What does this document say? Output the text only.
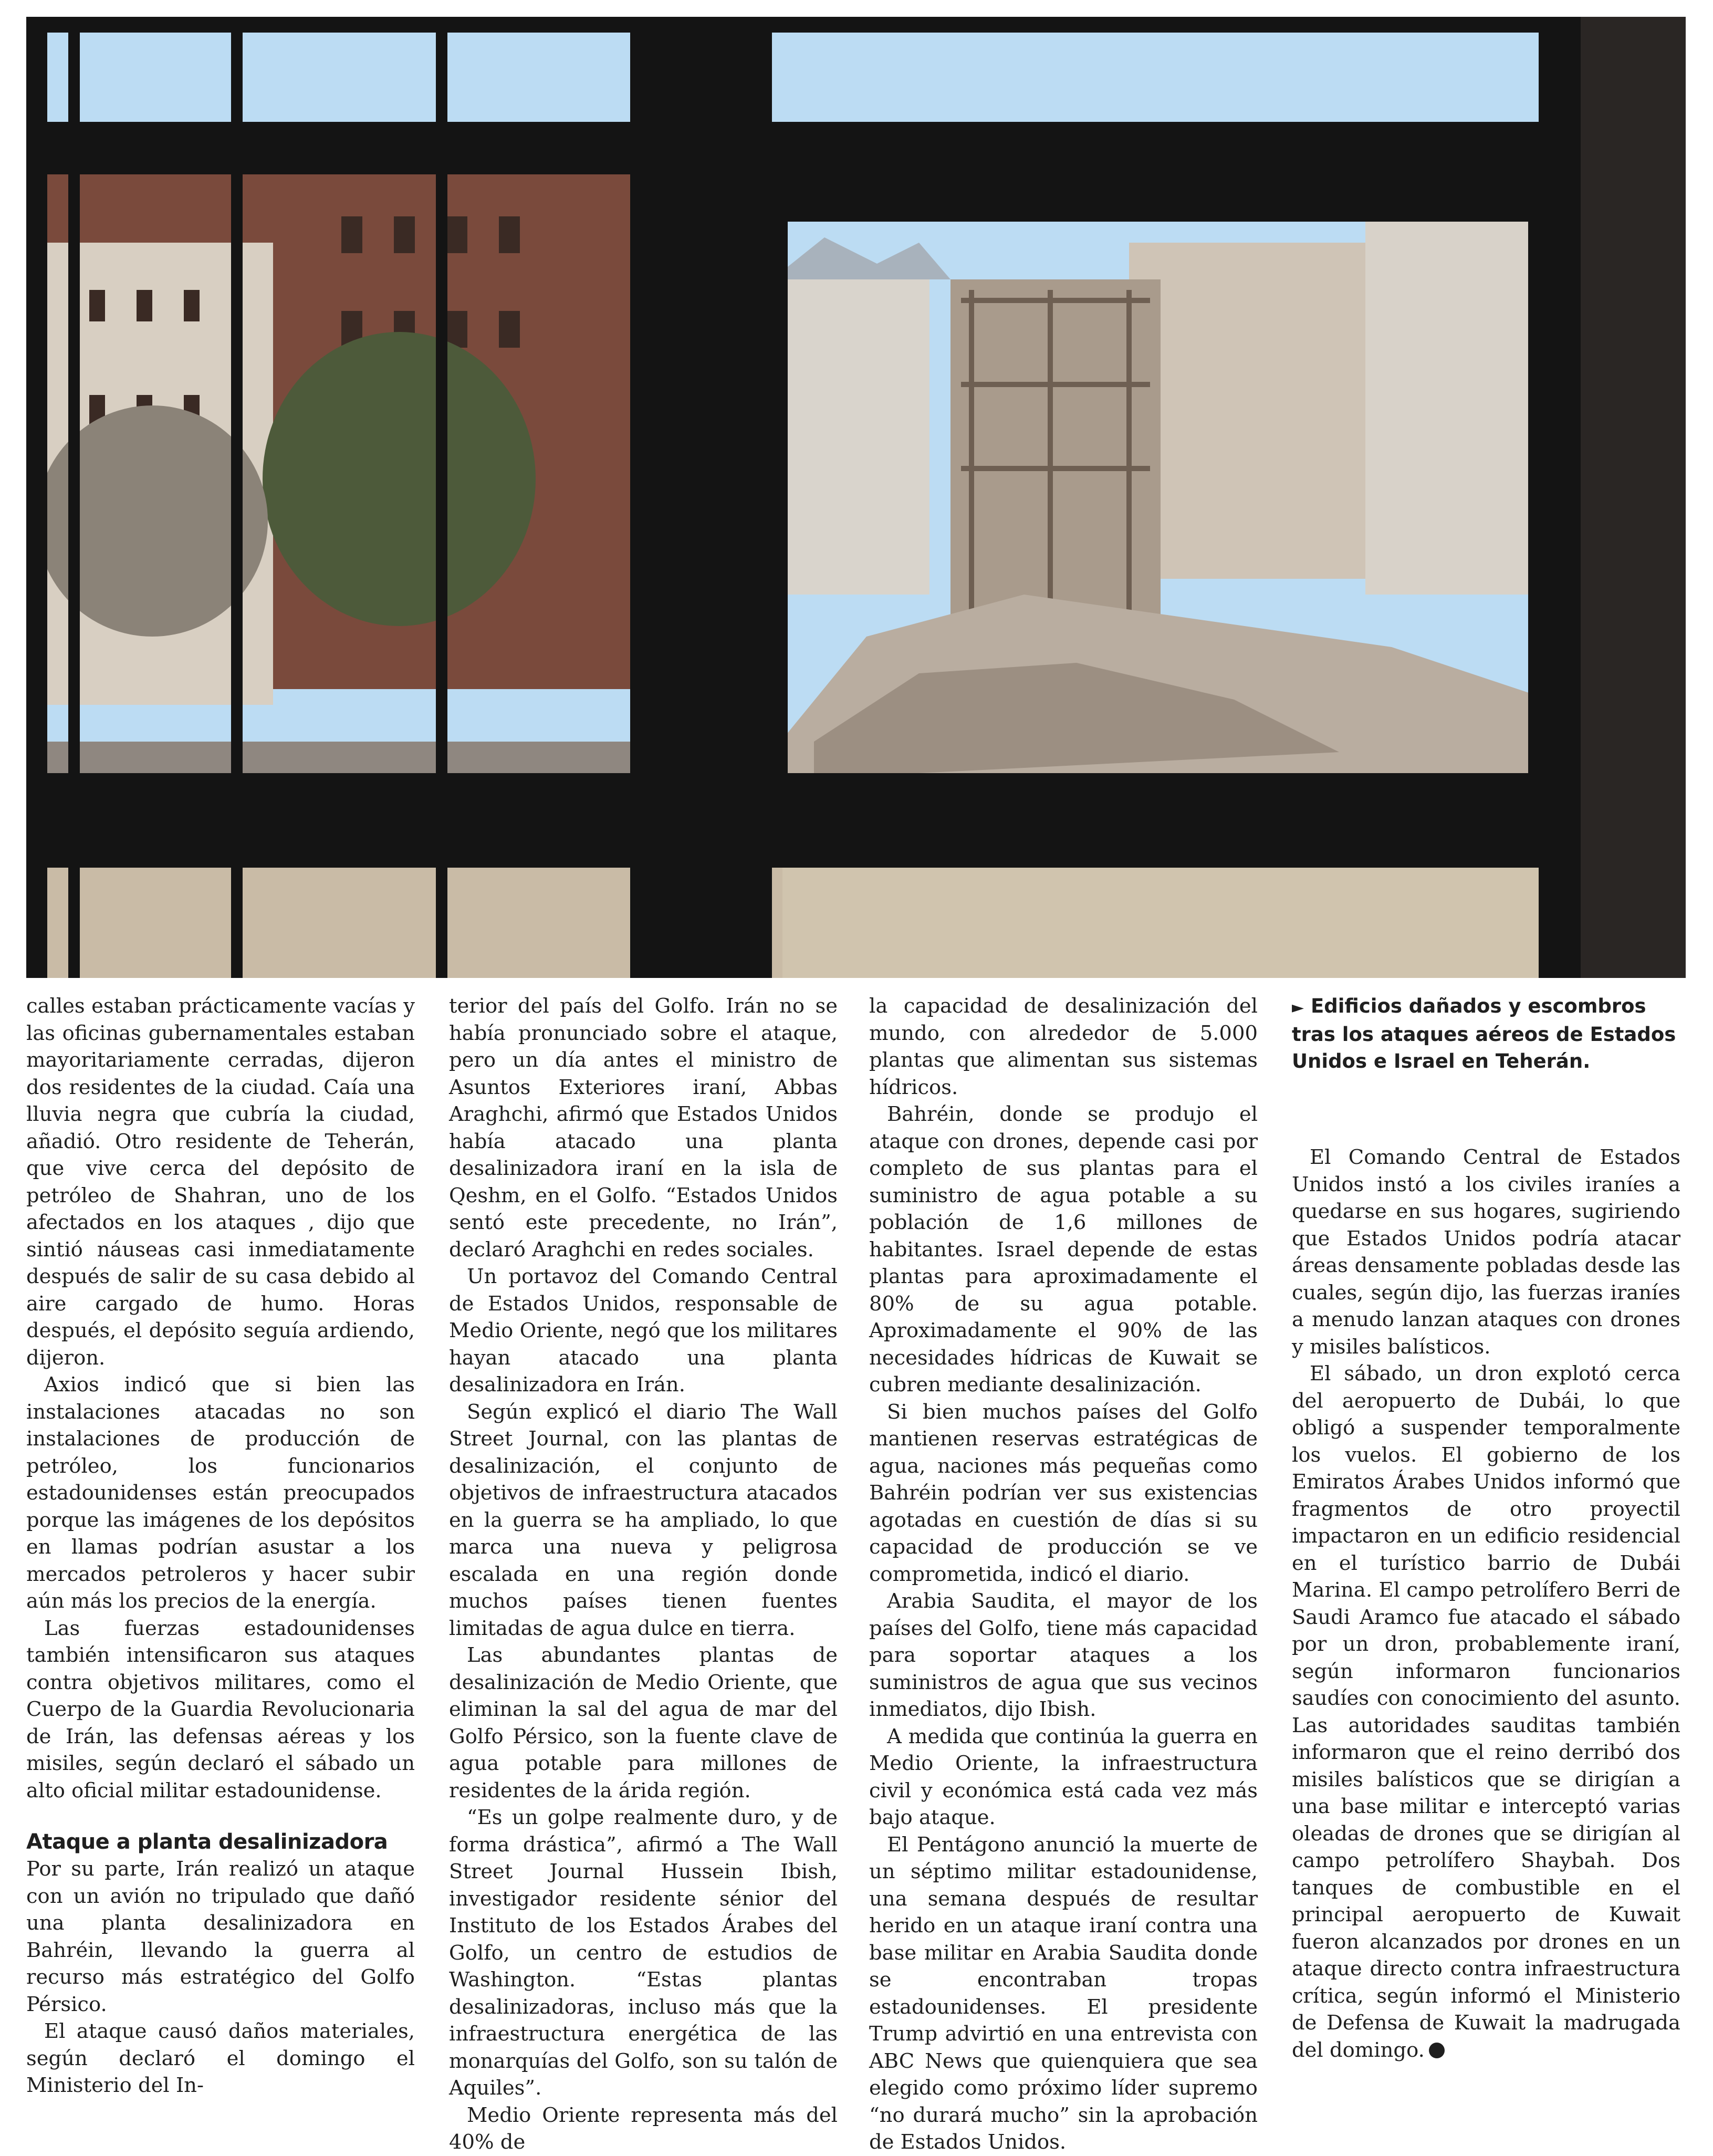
calles estaban prácticamente vacías y las oficinas gubernamentales estaban mayoritariamente cerradas, dijeron dos residentes de la ciudad. Caía una lluvia negra que cubría la ciudad, añadió. Otro residente de Teherán, que vive cerca del depósito de petróleo de Shahran, uno de los afectados en los ataques , dijo que sintió náuseas casi inmediatamente después de salir de su casa debido al aire cargado de humo. Horas después, el depósito seguía ardiendo, dijeron.

Axios indicó que si bien las instalaciones atacadas no son instalaciones de producción de petróleo, los funcionarios estadounidenses están preocupados porque las imágenes de los depósitos en llamas podrían asustar a los mercados petroleros y hacer subir aún más los precios de la energía.

Las fuerzas estadounidenses también intensificaron sus ataques contra objetivos militares, como el Cuerpo de la Guardia Revolucionaria de Irán, las defensas aéreas y los misiles, según declaró el sábado un alto oficial militar estadounidense.

Ataque a planta desalinizadora

Por su parte, Irán realizó un ataque con un avión no tripulado que dañó una planta desalinizadora en Bahréin, llevando la guerra al recurso más estratégico del Golfo Pérsico.

El ataque causó daños materiales, según declaró el domingo el Ministerio del In-

terior del país del Golfo. Irán no se había pronunciado sobre el ataque, pero un día antes el ministro de Asuntos Exteriores iraní, Abbas Araghchi, afirmó que Estados Unidos había atacado una planta desalinizadora iraní en la isla de Qeshm, en el Golfo. “Estados Unidos sentó este precedente, no Irán”, declaró Araghchi en redes sociales.

Un portavoz del Comando Central de Estados Unidos, responsable de Medio Oriente, negó que los militares hayan atacado una planta desalinizadora en Irán.

Según explicó el diario The Wall Street Journal, con las plantas de desalinización, el conjunto de objetivos de infraestructura atacados en la guerra se ha ampliado, lo que marca una nueva y peligrosa escalada en una región donde muchos países tienen fuentes limitadas de agua dulce en tierra.

Las abundantes plantas de desalinización de Medio Oriente, que eliminan la sal del agua de mar del Golfo Pérsico, son la fuente clave de agua potable para millones de residentes de la árida región.

“Es un golpe realmente duro, y de forma drástica”, afirmó a The Wall Street Journal Hussein Ibish, investigador residente sénior del Instituto de los Estados Árabes del Golfo, un centro de estudios de Washington. “Estas plantas desalinizadoras, incluso más que la infraestructura energética de las monarquías del Golfo, son su talón de Aquiles”.

Medio Oriente representa más del 40% de

la capacidad de desalinización del mundo, con alrededor de 5.000 plantas que alimentan sus sistemas hídricos.

Bahréin, donde se produjo el ataque con drones, depende casi por completo de sus plantas para el suministro de agua potable a su población de 1,6 millones de habitantes. Israel depende de estas plantas para aproximadamente el 80% de su agua potable. Aproximadamente el 90% de las necesidades hídricas de Kuwait se cubren mediante desalinización.

Si bien muchos países del Golfo mantienen reservas estratégicas de agua, naciones más pequeñas como Bahréin podrían ver sus existencias agotadas en cuestión de días si su capacidad de producción se ve comprometida, indicó el diario.

Arabia Saudita, el mayor de los países del Golfo, tiene más capacidad para soportar ataques a los suministros de agua que sus vecinos inmediatos, dijo Ibish.

A medida que continúa la guerra en Medio Oriente, la infraestructura civil y económica está cada vez más bajo ataque.

El Pentágono anunció la muerte de un séptimo militar estadounidense, una semana después de resultar herido en un ataque iraní contra una base militar en Arabia Saudita donde se encontraban tropas estadounidenses. El presidente Trump advirtió en una entrevista con ABC News que quienquiera que sea elegido como próximo líder supremo “no durará mucho” sin la aprobación de Estados Unidos.

► Edificios dañados y escombros tras los ataques aéreos de Estados Unidos e Israel en Teherán.

El Comando Central de Estados Unidos instó a los civiles iraníes a quedarse en sus hogares, sugiriendo que Estados Unidos podría atacar áreas densamente pobladas desde las cuales, según dijo, las fuerzas iraníes a menudo lanzan ataques con drones y misiles balísticos.

El sábado, un dron explotó cerca del aeropuerto de Dubái, lo que obligó a suspender temporalmente los vuelos. El gobierno de los Emiratos Árabes Unidos informó que fragmentos de otro proyectil impactaron en un edificio residencial en el turístico barrio de Dubái Marina. El campo petrolífero Berri de Saudi Aramco fue atacado el sábado por un dron, probablemente iraní, según informaron funcionarios saudíes con conocimiento del asunto. Las autoridades sauditas también informaron que el reino derribó dos misiles balísticos que se dirigían a una base militar e interceptó varias oleadas de drones que se dirigían al campo petrolífero Shaybah. Dos tanques de combustible en el principal aeropuerto de Kuwait fueron alcanzados por drones en un ataque directo contra infraestructura crítica, según informó el Ministerio de Defensa de Kuwait la madrugada del domingo.
